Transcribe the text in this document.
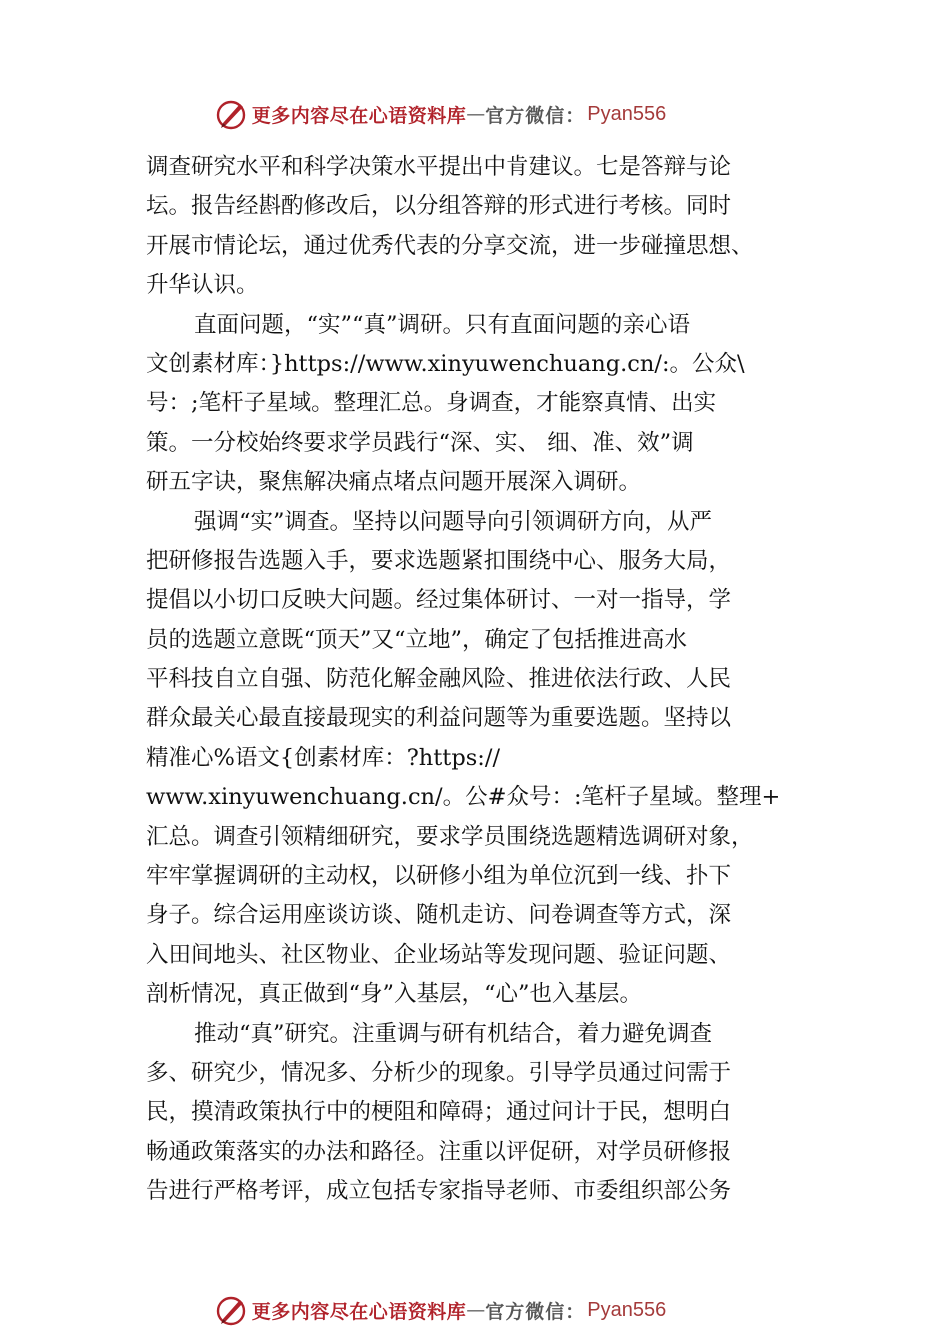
更多内容尽在心语资料库 — 官方微信： Pyan556
调查研究水平和科学决策水平提出中肯建议。七是答辩与论
坛。报告经斟酌修改后，以分组答辩的形式进行考核。同时
开展市情论坛，通过优秀代表的分享交流，进一步碰撞思想、
升华认识。
直面问题，“实”“真”调研。只有直面问题的亲心语
文创素材库：}https://www.xinyuwenchuang.cn/:。公众\
号：;笔杆子星域。整理汇总。身调查，才能察真情、出实
策。一分校始终要求学员践行“深、实、 细、准、效”调
研五字诀，聚焦解决痛点堵点问题开展深入调研。
强调“实”调查。坚持以问题导向引领调研方向，从严
把研修报告选题入手，要求选题紧扣围绕中心、服务大局，
提倡以小切口反映大问题。经过集体研讨、一对一指导，学
员的选题立意既“顶天”又“立地”，确定了包括推进高水
平科技自立自强、防范化解金融风险、推进依法行政、人民
群众最关心最直接最现实的利益问题等为重要选题。坚持以
精准心%语文{创素材库：?https://
www.xinyuwenchuang.cn/。公#众号：:笔杆子星域。整理+
汇总。调查引领精细研究，要求学员围绕选题精选调研对象，
牢牢掌握调研的主动权，以研修小组为单位沉到一线、扑下
身子。综合运用座谈访谈、随机走访、问卷调查等方式，深
入田间地头、社区物业、企业场站等发现问题、验证问题、
剖析情况，真正做到“身”入基层，“心”也入基层。
推动“真”研究。注重调与研有机结合，着力避免调查
多、研究少，情况多、分析少的现象。引导学员通过问需于
民，摸清政策执行中的梗阻和障碍；通过问计于民，想明白
畅通政策落实的办法和路径。注重以评促研，对学员研修报
告进行严格考评，成立包括专家指导老师、市委组织部公务
更多内容尽在心语资料库 — 官方微信： Pyan556
